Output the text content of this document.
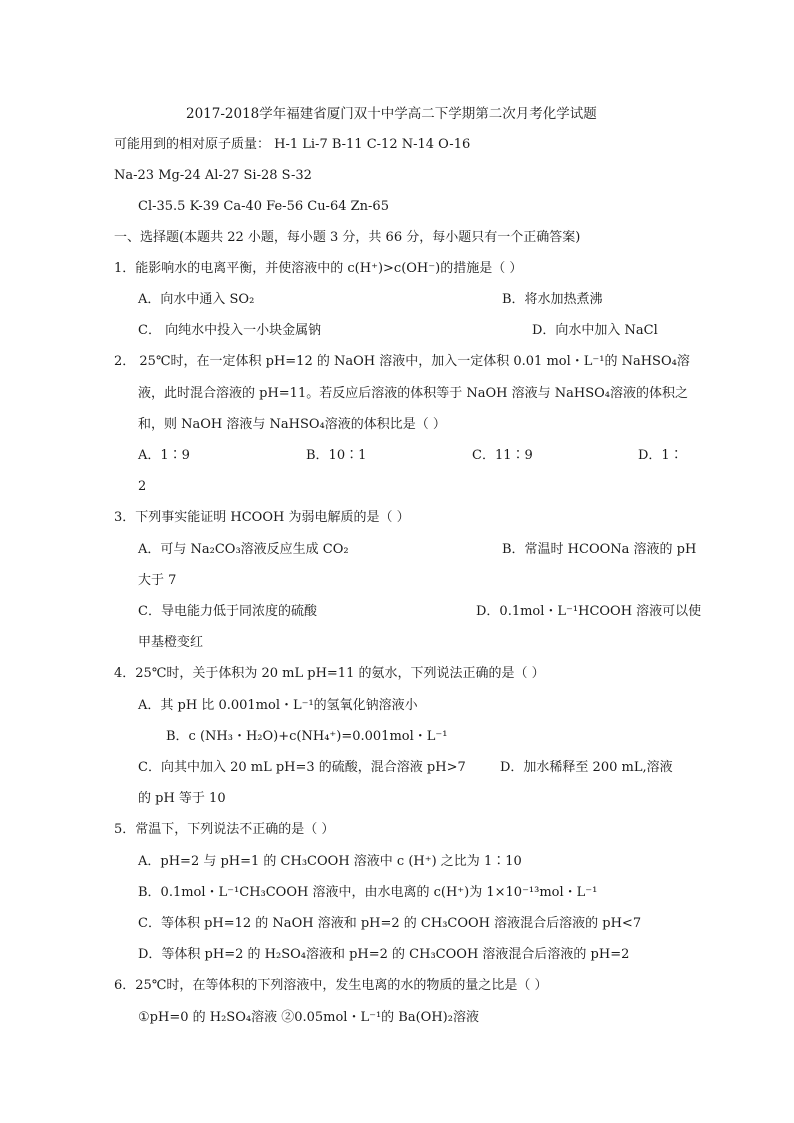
2017-2018学年福建省厦门双十中学高二下学期第二次月考化学试题
可能用到的相对原子质量： H-1 Li-7 B-11 C-12 N-14 O-16
Na-23 Mg-24 Al-27 Si-28 S-32
Cl-35.5 K-39 Ca-40 Fe-56 Cu-64 Zn-65
一、选择题(本题共 22 小题，每小题 3 分，共 66 分，每小题只有一个正确答案)
1．能影响水的电离平衡，并使溶液中的 c(H⁺)>c(OH⁻)的措施是（ ）
A．向水中通入 SO₂	B．将水加热煮沸
C． 向纯水中投入一小块金属钠	D．向水中加入 NaCl
2． 25℃时，在一定体积 pH=12 的 NaOH 溶液中，加入一定体积 0.01 mol・L⁻¹的 NaHSO₄溶
液，此时混合溶液的 pH=11。若反应后溶液的体积等于 NaOH 溶液与 NaHSO₄溶液的体积之
和，则 NaOH 溶液与 NaHSO₄溶液的体积比是（ ）
A．1∶9	B．10∶1	C．11∶9	D．1∶
2
3．下列事实能证明 HCOOH 为弱电解质的是（ ）
A．可与 Na₂CO₃溶液反应生成 CO₂	B．常温时 HCOONa 溶液的 pH
大于 7
C．导电能力低于同浓度的硫酸	D．0.1mol・L⁻¹HCOOH 溶液可以使
甲基橙变红
4．25℃时，关于体积为 20 mL pH=11 的氨水，下列说法正确的是（ ）
A．其 pH 比 0.001mol・L⁻¹的氢氧化钠溶液小
B．c (NH₃・H₂O)+c(NH₄⁺)=0.001mol・L⁻¹
C．向其中加入 20 mL pH=3 的硫酸，混合溶液 pH>7	D．加水稀释至 200 mL,溶液
的 pH 等于 10
5．常温下，下列说法不正确的是（ ）
A．pH=2 与 pH=1 的 CH₃COOH 溶液中 c (H⁺) 之比为 1∶10
B．0.1mol・L⁻¹CH₃COOH 溶液中，由水电离的 c(H⁺)为 1×10⁻¹³mol・L⁻¹
C．等体积 pH=12 的 NaOH 溶液和 pH=2 的 CH₃COOH 溶液混合后溶液的 pH<7
D．等体积 pH=2 的 H₂SO₄溶液和 pH=2 的 CH₃COOH 溶液混合后溶液的 pH=2
6．25℃时，在等体积的下列溶液中，发生电离的水的物质的量之比是（ ）
①pH=0 的 H₂SO₄溶液 ②0.05mol・L⁻¹的 Ba(OH)₂溶液
